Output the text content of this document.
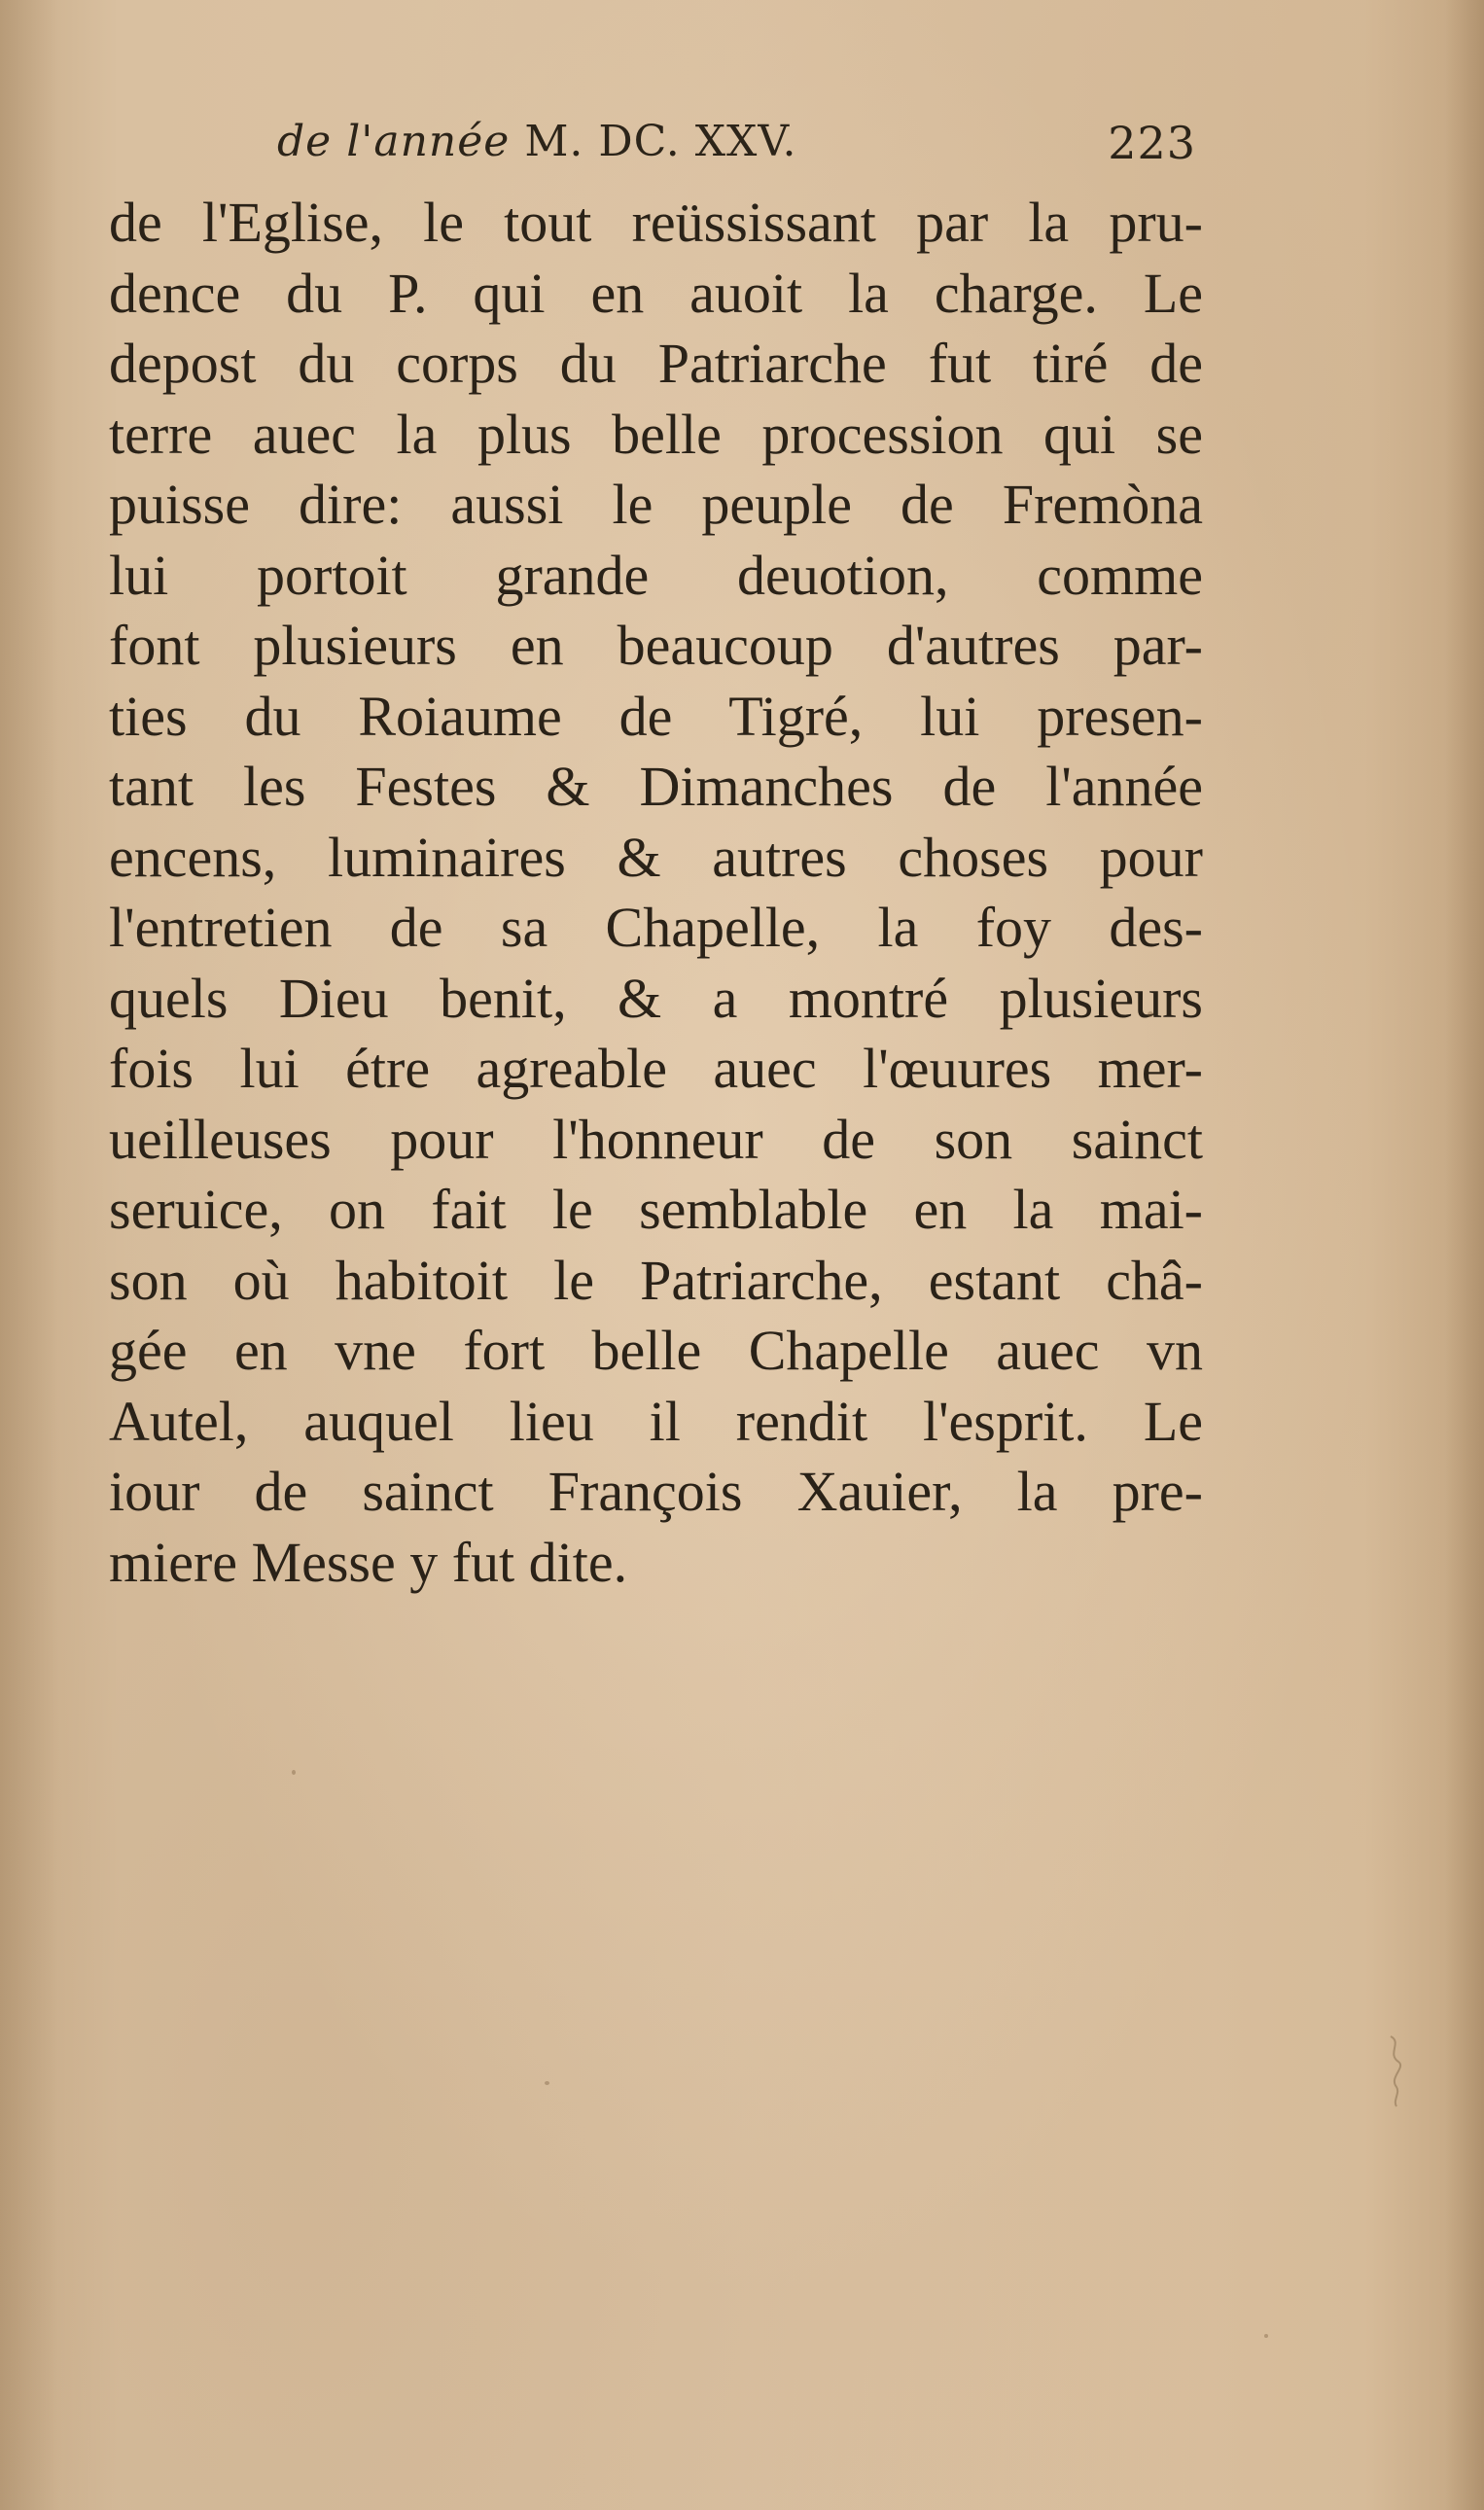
de l'année M. DC. XXV.	223
de l'Eglise, le tout reüssissant par la pru-
dence du P. qui en auoit la charge. Le
depost du corps du Patriarche fut tiré de
terre auec la plus belle procession qui se
puisse dire: aussi le peuple de Fremòna
lui portoit grande deuotion, comme
font plusieurs en beaucoup d'autres par-
ties du Roiaume de Tigré, lui presen-
tant les Festes & Dimanches de l'année
encens, luminaires & autres choses pour
l'entretien de sa Chapelle, la foy des-
quels Dieu benit, & a montré plusieurs
fois lui étre agreable auec l'œuures mer-
ueilleuses pour l'honneur de son sainct
seruice, on fait le semblable en la mai-
son où habitoit le Patriarche, estant châ-
gée en vne fort belle Chapelle auec vn
Autel, auquel lieu il rendit l'esprit. Le
iour de sainct François Xauier, la pre-
miere Messe y fut dite.
